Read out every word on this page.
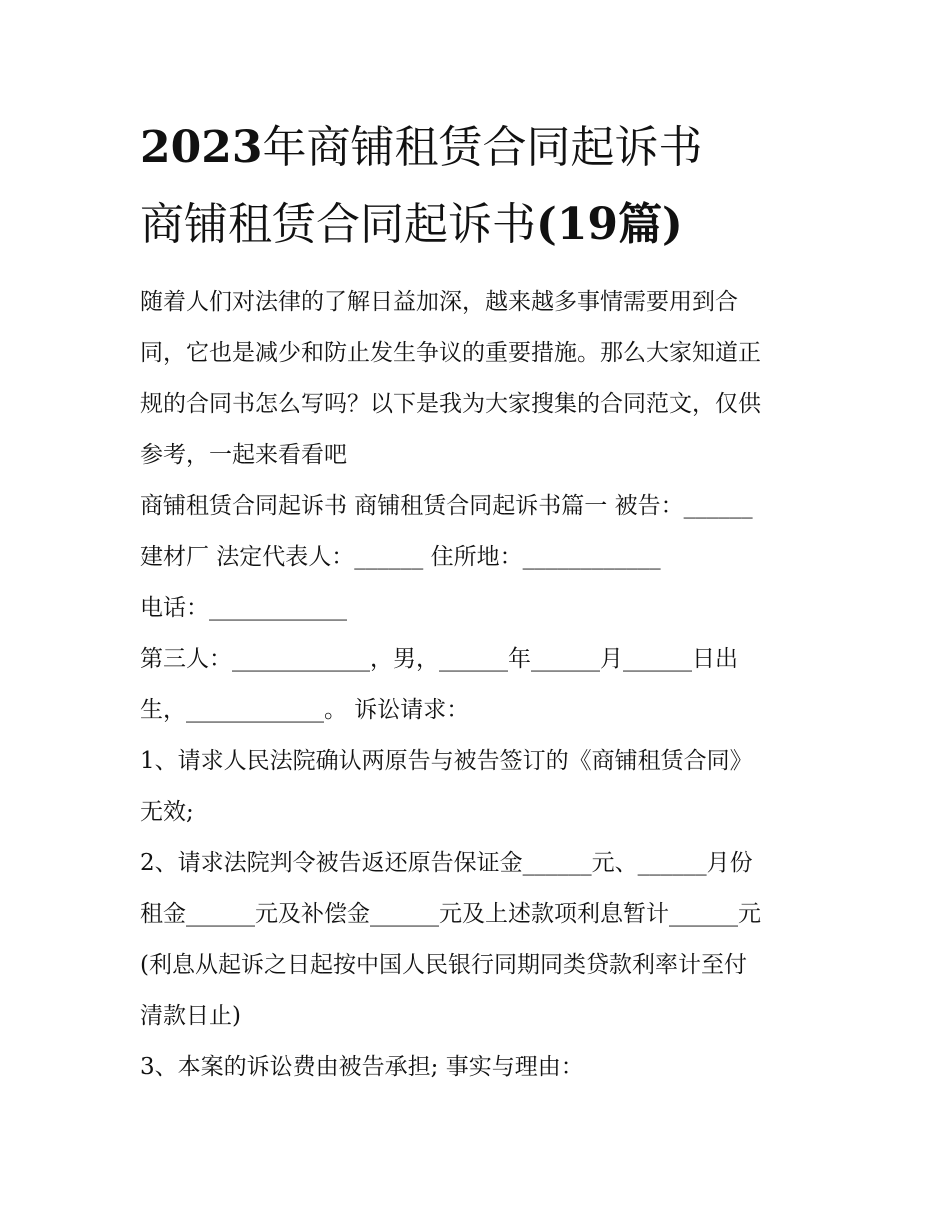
2023年商铺租赁合同起诉书
商铺租赁合同起诉书(19篇)

随着人们对法律的了解日益加深，越来越多事情需要用到合

同，它也是减少和防止发生争议的重要措施。那么大家知道正

规的合同书怎么写吗？以下是我为大家搜集的合同范文，仅供

参考，一起来看看吧

商铺租赁合同起诉书 商铺租赁合同起诉书篇一 被告：______

建材厂 法定代表人：______ 住所地：____________

电话：____________

第三人：____________，男，______年______月______日出

生，____________。 诉讼请求：

1、请求人民法院确认两原告与被告签订的《商铺租赁合同》

无效;

2、请求法院判令被告返还原告保证金______元、______月份

租金______元及补偿金______元及上述款项利息暂计______元

(利息从起诉之日起按中国人民银行同期同类贷款利率计至付

清款日止)

3、本案的诉讼费由被告承担; 事实与理由：
